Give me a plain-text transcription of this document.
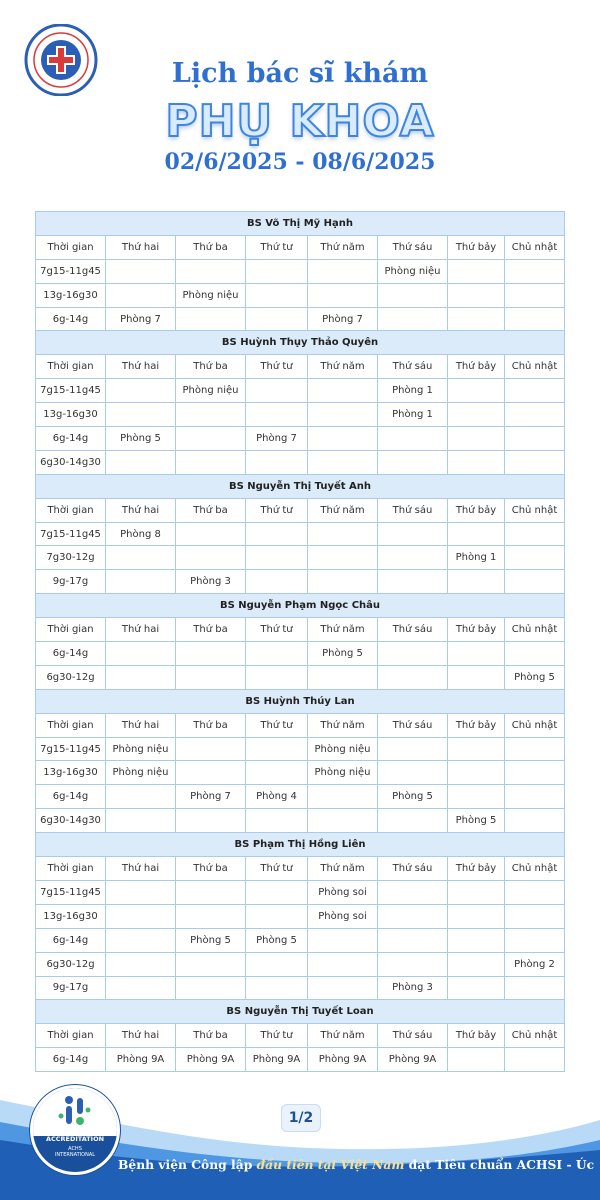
Lịch bác sĩ khám
PHỤ KHOA
02/6/2025 - 08/6/2025
BS Võ Thị Mỹ Hạnh							
Thời gian	Thứ hai	Thứ ba	Thứ tư	Thứ năm	Thứ sáu	Thứ bảy	Chủ nhật
7g15-11g45					Phòng niệu		
13g-16g30		Phòng niệu					
6g-14g	Phòng 7			Phòng 7			
BS Huỳnh Thụy Thảo Quyên							
Thời gian	Thứ hai	Thứ ba	Thứ tư	Thứ năm	Thứ sáu	Thứ bảy	Chủ nhật
7g15-11g45		Phòng niệu			Phòng 1		
13g-16g30					Phòng 1		
6g-14g	Phòng 5		Phòng 7				
6g30-14g30							
BS Nguyễn Thị Tuyết Anh							
Thời gian	Thứ hai	Thứ ba	Thứ tư	Thứ năm	Thứ sáu	Thứ bảy	Chủ nhật
7g15-11g45	Phòng 8						
7g30-12g						Phòng 1	
9g-17g		Phòng 3					
BS Nguyễn Phạm Ngọc Châu							
Thời gian	Thứ hai	Thứ ba	Thứ tư	Thứ năm	Thứ sáu	Thứ bảy	Chủ nhật
6g-14g				Phòng 5			
6g30-12g							Phòng 5
BS Huỳnh Thúy Lan							
Thời gian	Thứ hai	Thứ ba	Thứ tư	Thứ năm	Thứ sáu	Thứ bảy	Chủ nhật
7g15-11g45	Phòng niệu			Phòng niệu			
13g-16g30	Phòng niệu			Phòng niệu			
6g-14g		Phòng 7	Phòng 4		Phòng 5		
6g30-14g30						Phòng 5	
BS Phạm Thị Hồng Liên							
Thời gian	Thứ hai	Thứ ba	Thứ tư	Thứ năm	Thứ sáu	Thứ bảy	Chủ nhật
7g15-11g45				Phòng soi			
13g-16g30				Phòng soi			
6g-14g		Phòng 5	Phòng 5				
6g30-12g							Phòng 2
9g-17g					Phòng 3		
BS Nguyễn Thị Tuyết Loan							
Thời gian	Thứ hai	Thứ ba	Thứ tư	Thứ năm	Thứ sáu	Thứ bảy	Chủ nhật
6g-14g	Phòng 9A	Phòng 9A	Phòng 9A	Phòng 9A	Phòng 9A		
ACCREDITATION
ACHS
INTERNATIONAL
1/2
Bệnh viện Công lập đầu tiên tại Việt Nam đạt Tiêu chuẩn ACHSI - Úc
